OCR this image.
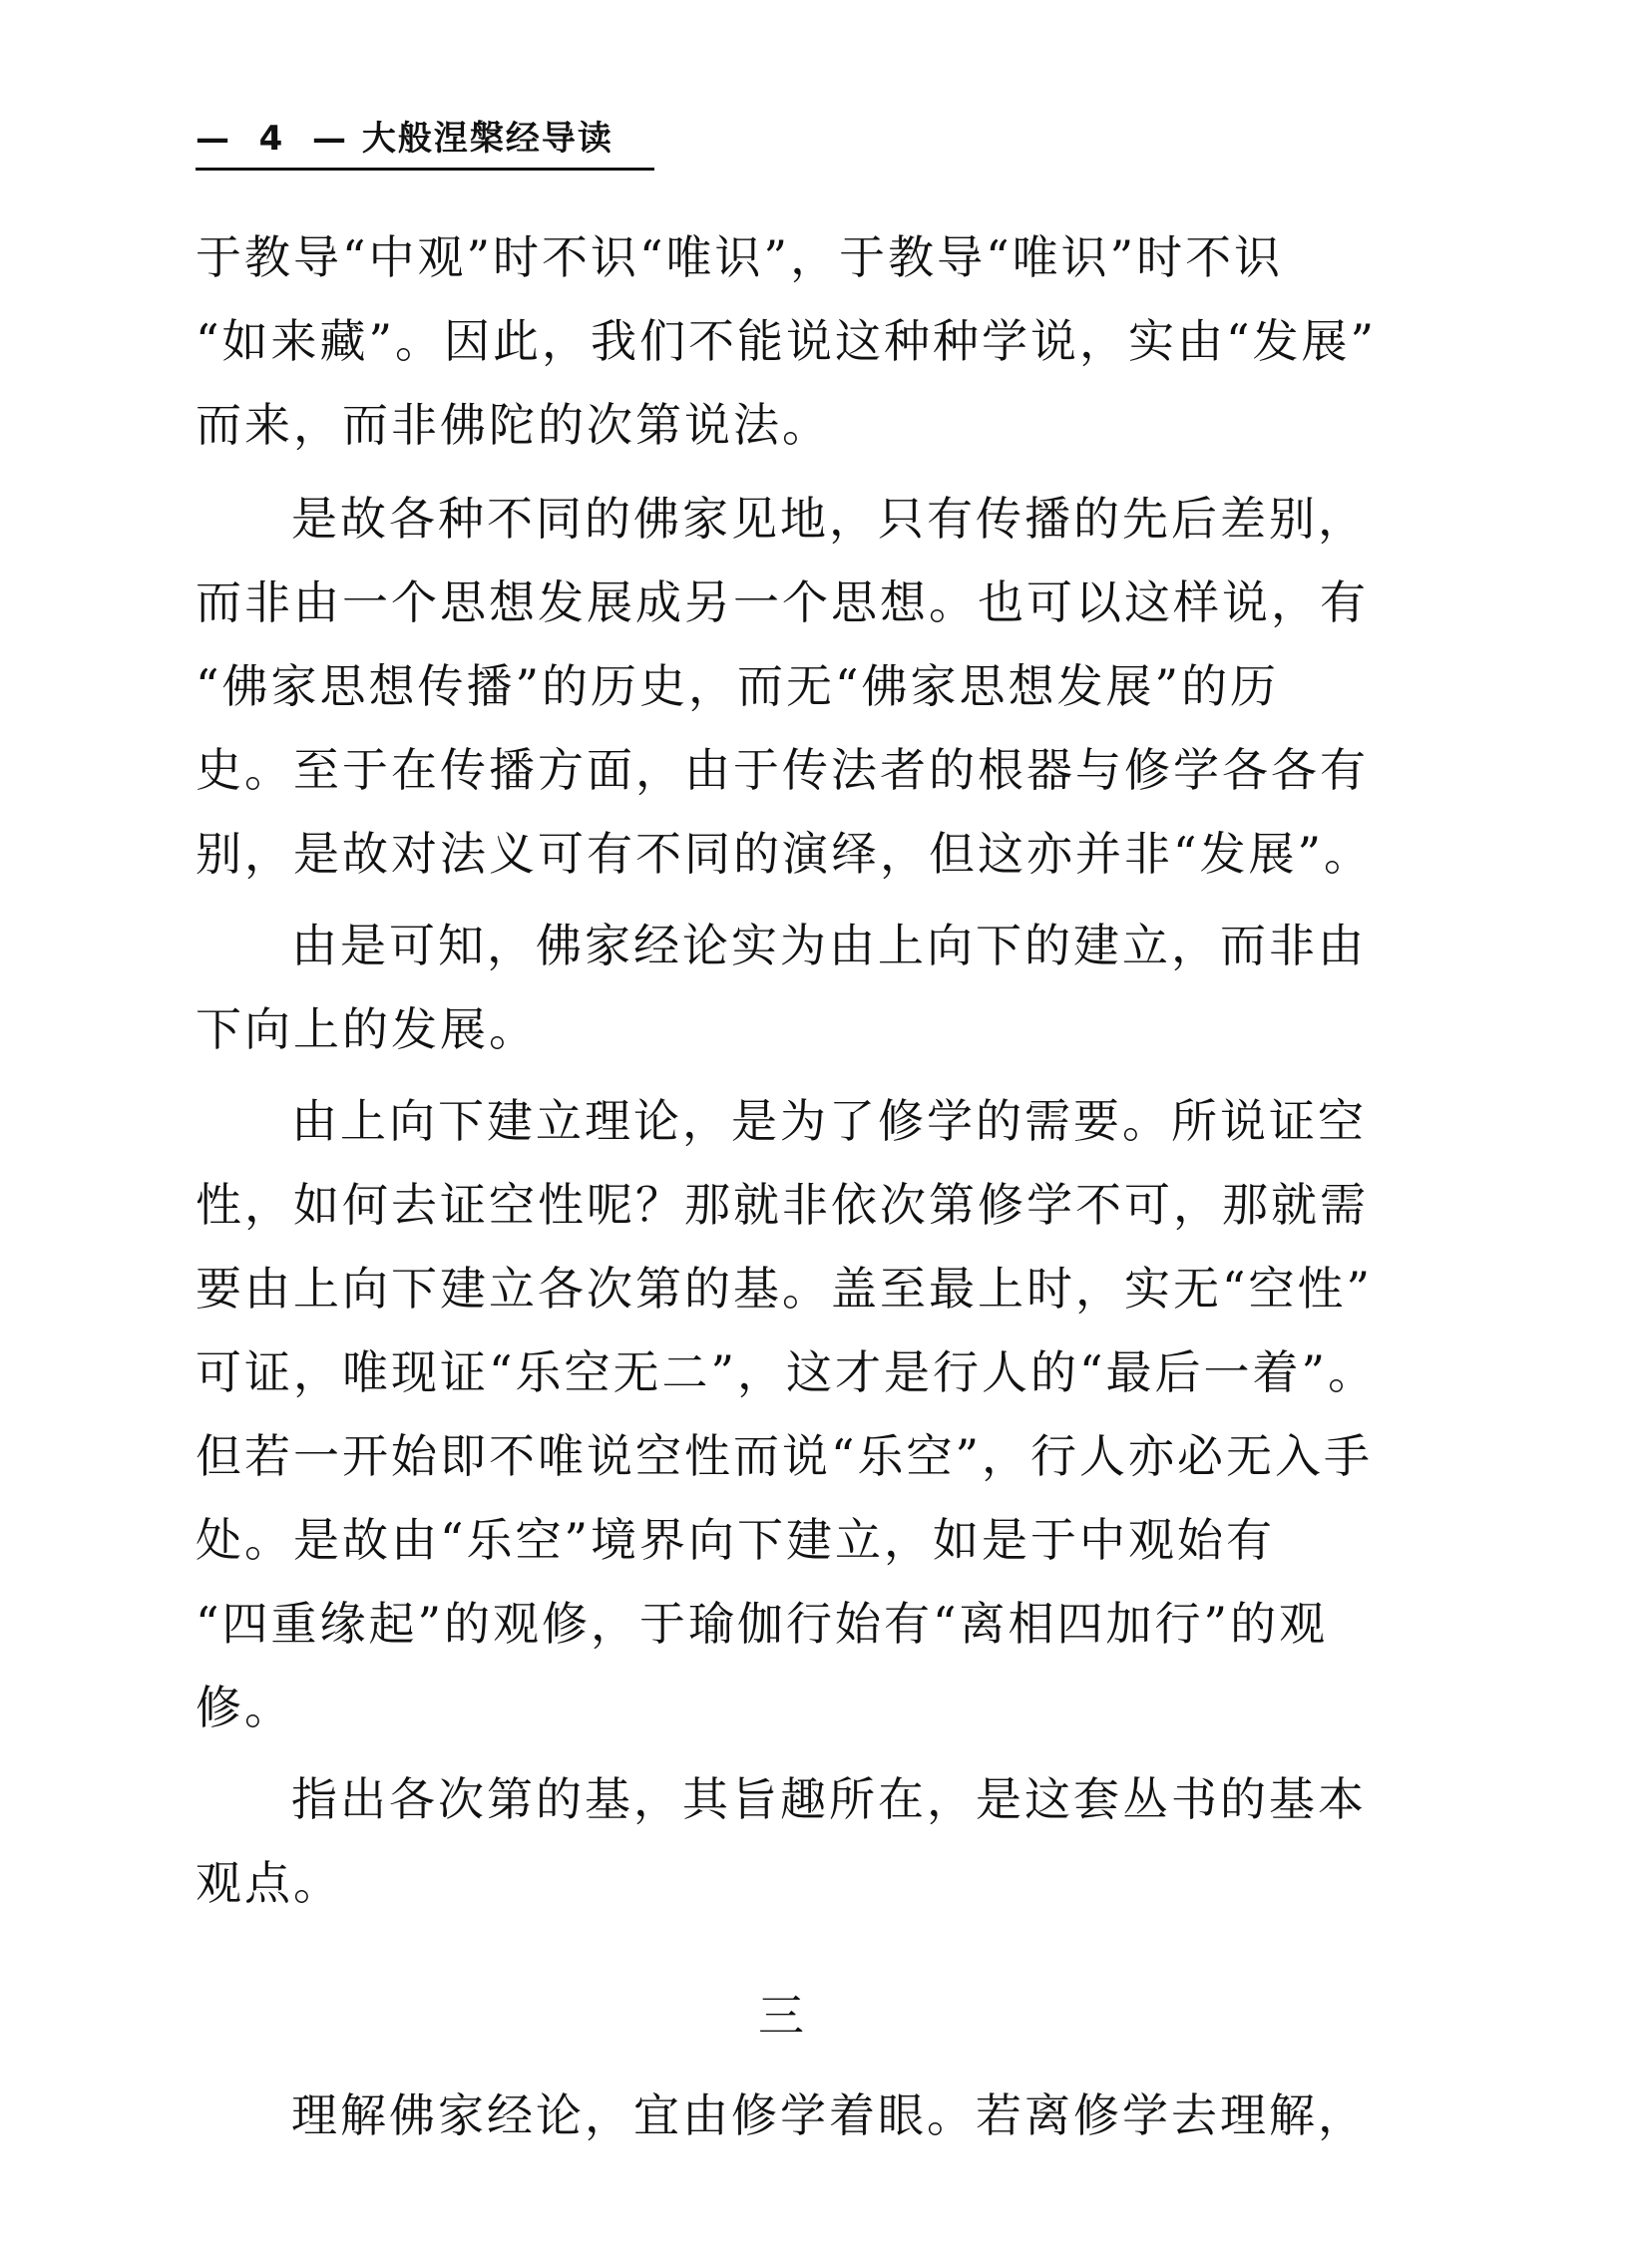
—  4  — 大般涅槃经导读
于教导“中观”时不识“唯识”，于教导“唯识”时不识
“如来藏”。因此，我们不能说这种种学说，实由“发展”
而来，而非佛陀的次第说法。
是故各种不同的佛家见地，只有传播的先后差别，
而非由一个思想发展成另一个思想。也可以这样说，有
“佛家思想传播”的历史，而无“佛家思想发展”的历
史。至于在传播方面，由于传法者的根器与修学各各有
别，是故对法义可有不同的演绎，但这亦并非“发展”。
由是可知，佛家经论实为由上向下的建立，而非由
下向上的发展。
由上向下建立理论，是为了修学的需要。所说证空
性，如何去证空性呢？那就非依次第修学不可，那就需
要由上向下建立各次第的基。盖至最上时，实无“空性”
可证，唯现证“乐空无二”，这才是行人的“最后一着”。
但若一开始即不唯说空性而说“乐空”，行人亦必无入手
处。是故由“乐空”境界向下建立，如是于中观始有
“四重缘起”的观修，于瑜伽行始有“离相四加行”的观
修。
指出各次第的基，其旨趣所在，是这套丛书的基本
观点。
三
理解佛家经论，宜由修学着眼。若离修学去理解，
